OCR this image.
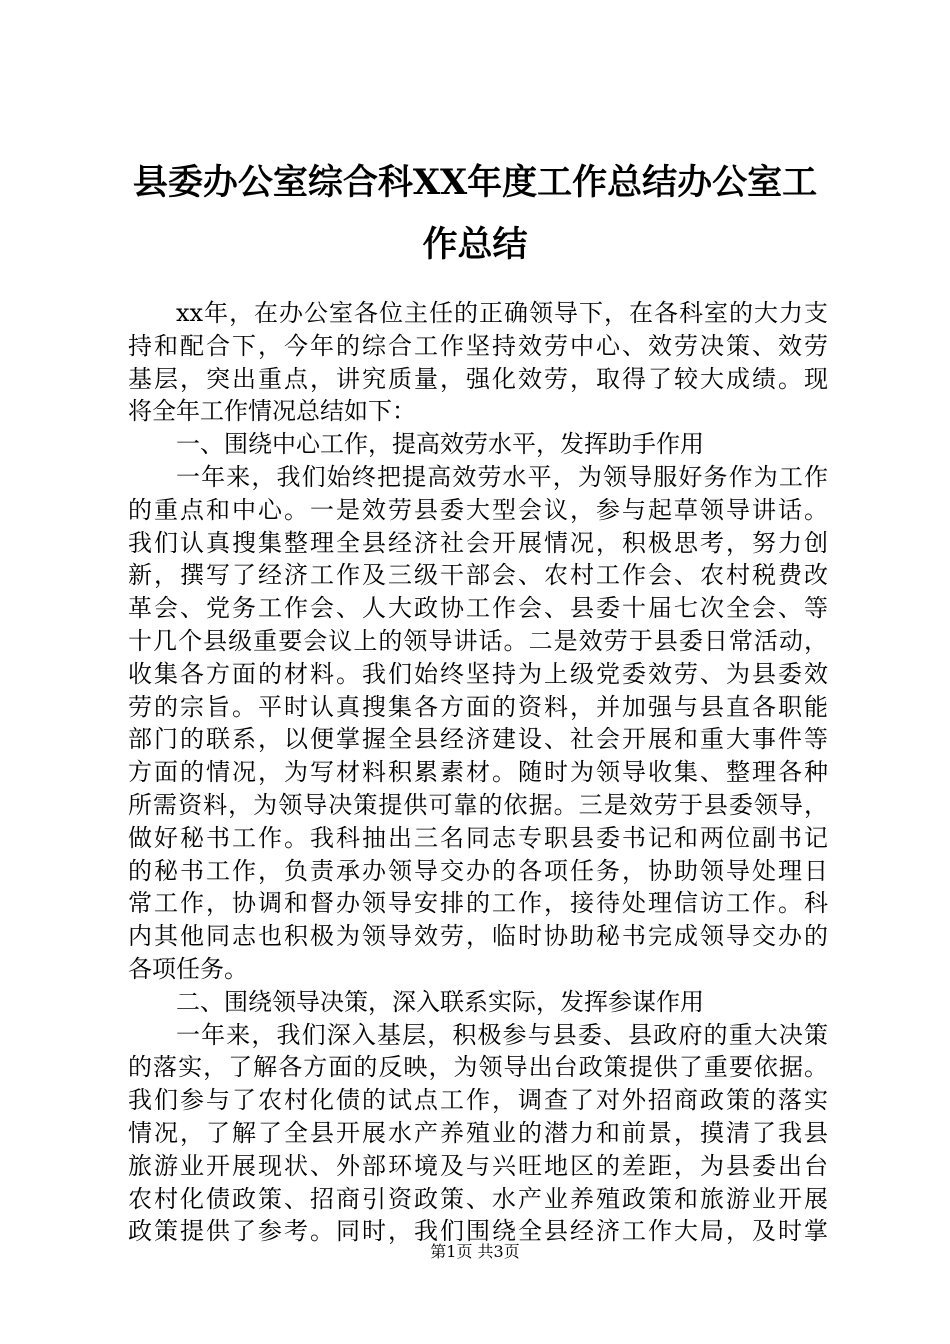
县委办公室综合科XX年度工作总结办公室工
作总结
xx年，在办公室各位主任的正确领导下，在各科室的大力支
持和配合下，今年的综合工作坚持效劳中心、效劳决策、效劳
基层，突出重点，讲究质量，强化效劳，取得了较大成绩。现
将全年工作情况总结如下：
一、围绕中心工作，提高效劳水平，发挥助手作用
一年来，我们始终把提高效劳水平，为领导服好务作为工作
的重点和中心。一是效劳县委大型会议，参与起草领导讲话。
我们认真搜集整理全县经济社会开展情况，积极思考，努力创
新，撰写了经济工作及三级干部会、农村工作会、农村税费改
革会、党务工作会、人大政协工作会、县委十届七次全会、等
十几个县级重要会议上的领导讲话。二是效劳于县委日常活动，
收集各方面的材料。我们始终坚持为上级党委效劳、为县委效
劳的宗旨。平时认真搜集各方面的资料，并加强与县直各职能
部门的联系，以便掌握全县经济建设、社会开展和重大事件等
方面的情况，为写材料积累素材。随时为领导收集、整理各种
所需资料，为领导决策提供可靠的依据。三是效劳于县委领导，
做好秘书工作。我科抽出三名同志专职县委书记和两位副书记
的秘书工作，负责承办领导交办的各项任务，协助领导处理日
常工作，协调和督办领导安排的工作，接待处理信访工作。科
内其他同志也积极为领导效劳，临时协助秘书完成领导交办的
各项任务。
二、围绕领导决策，深入联系实际，发挥参谋作用
一年来，我们深入基层，积极参与县委、县政府的重大决策
的落实，了解各方面的反映，为领导出台政策提供了重要依据。
我们参与了农村化债的试点工作，调查了对外招商政策的落实
情况，了解了全县开展水产养殖业的潜力和前景，摸清了我县
旅游业开展现状、外部环境及与兴旺地区的差距，为县委出台
农村化债政策、招商引资政策、水产业养殖政策和旅游业开展
政策提供了参考。同时，我们围绕全县经济工作大局，及时掌
第1页 共3页
